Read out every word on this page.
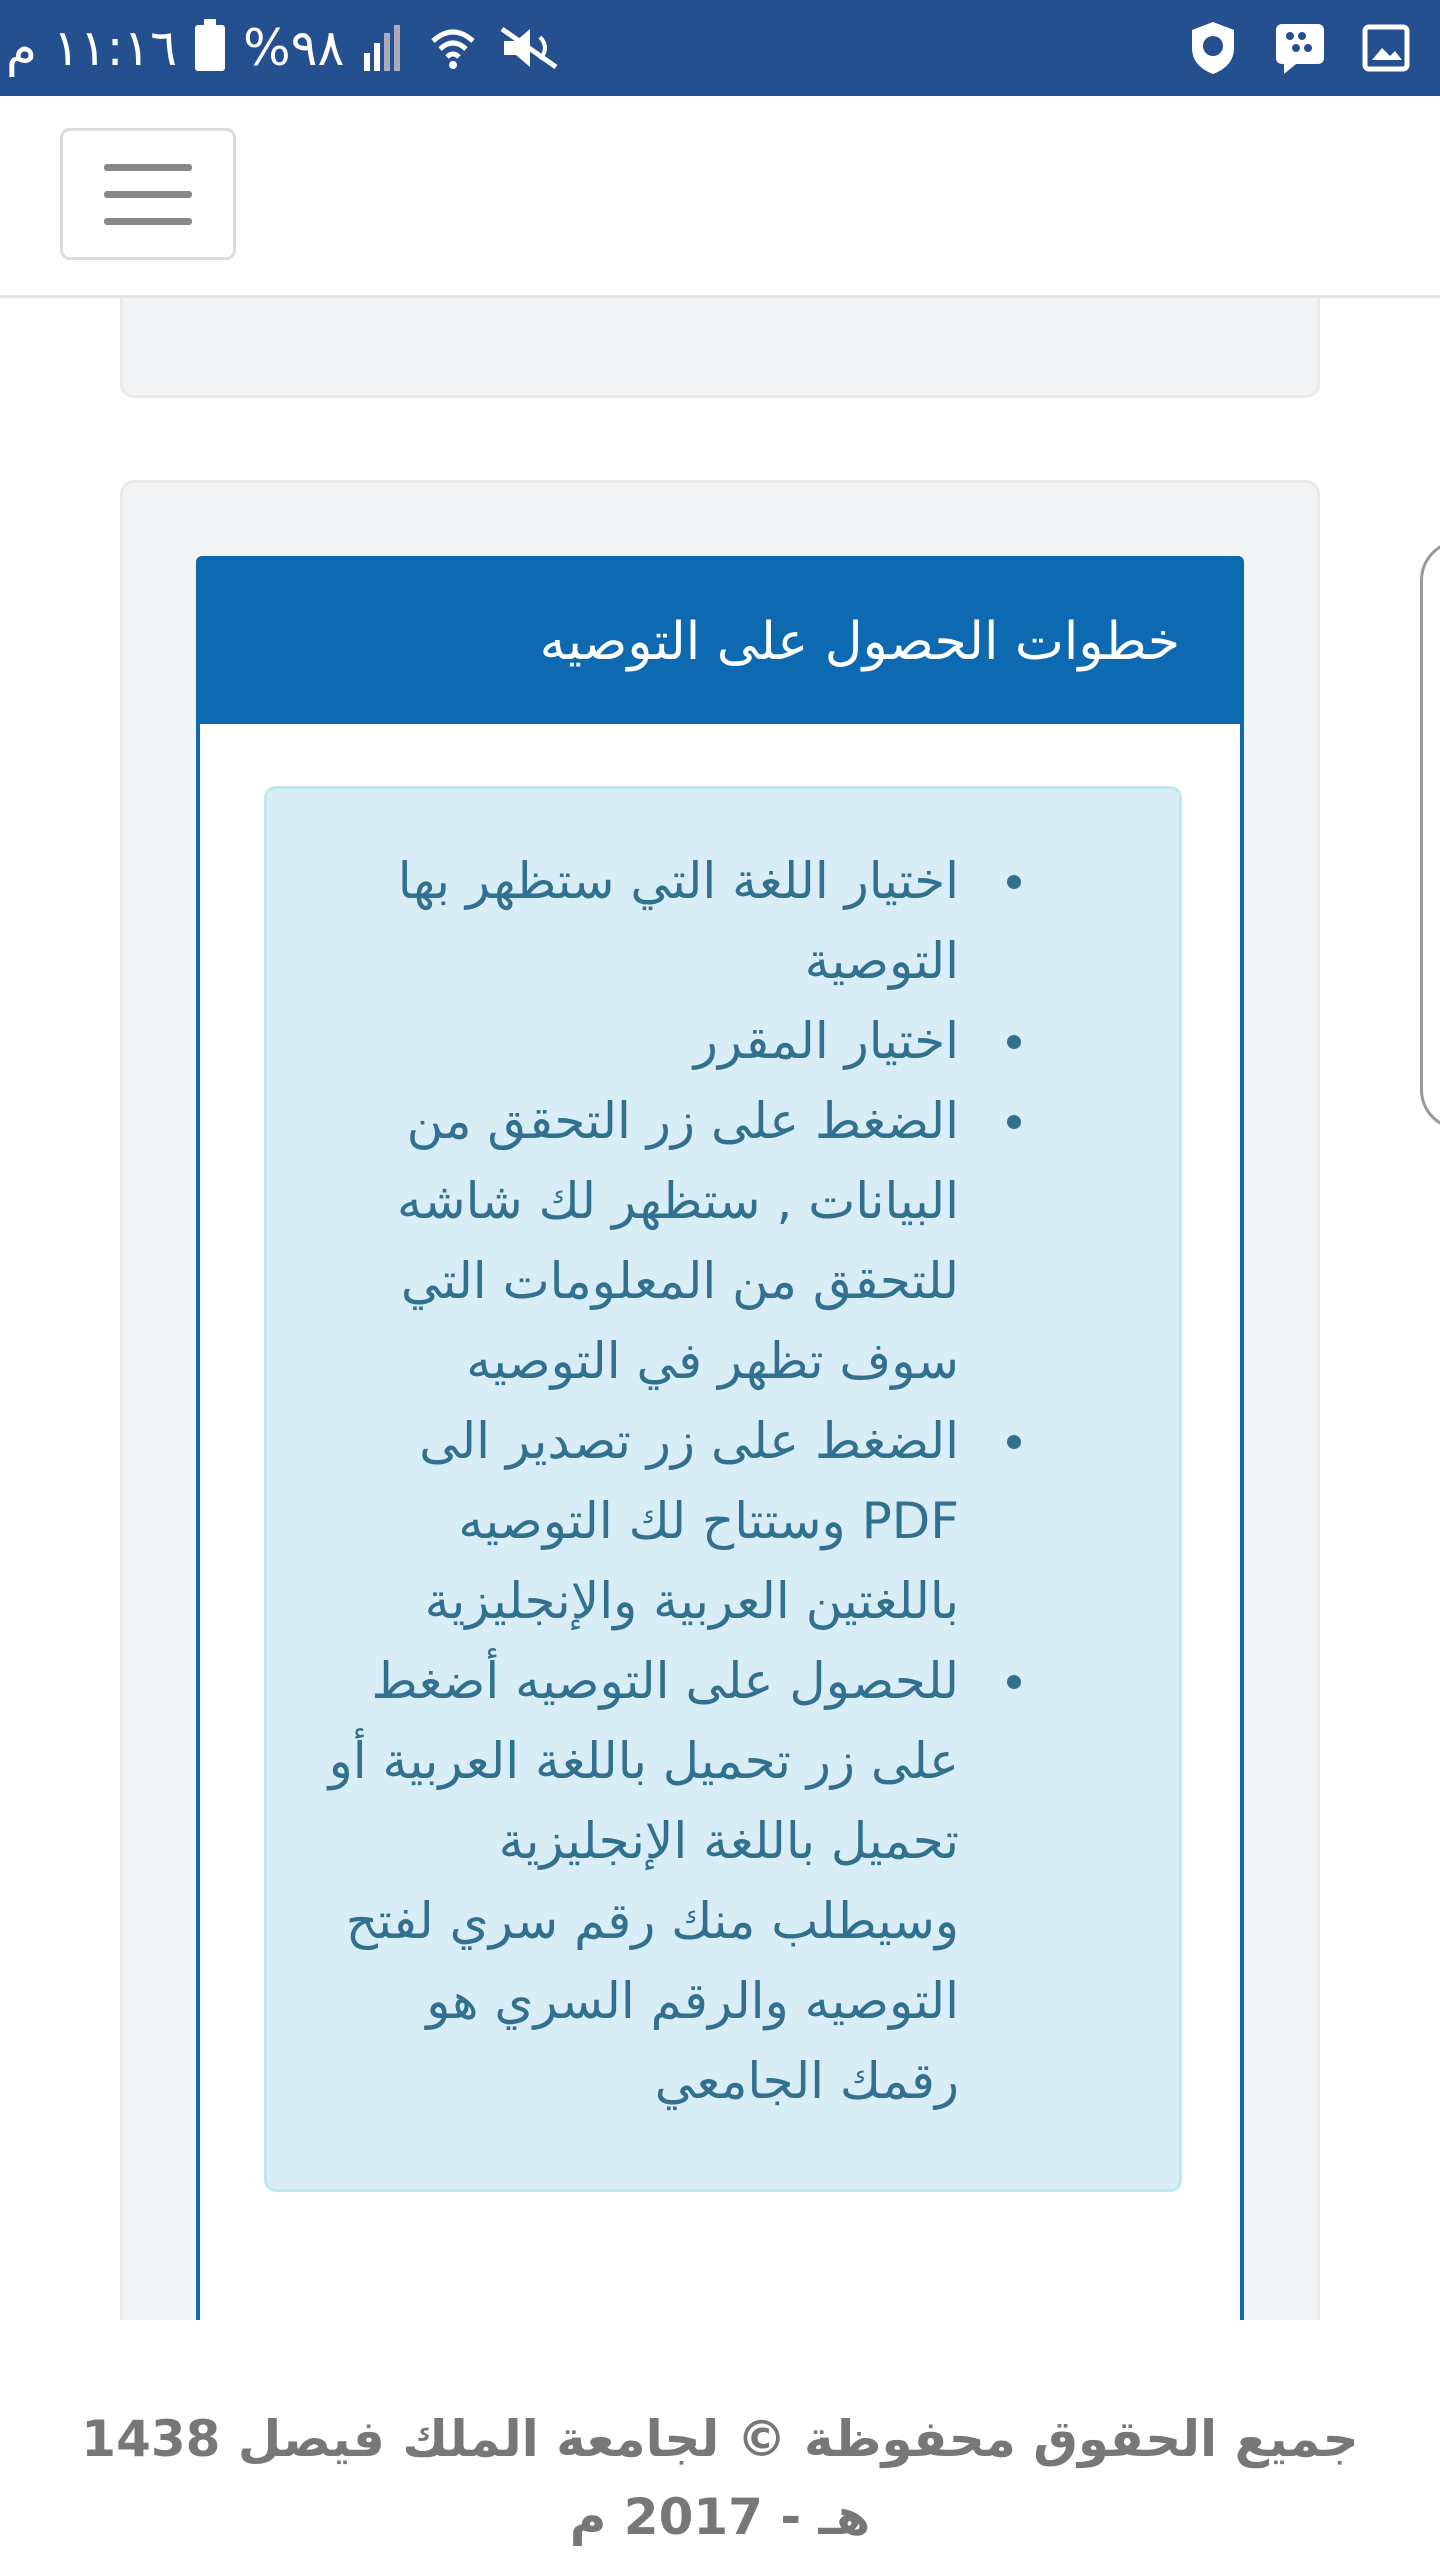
١١:١٦ م %٩٨
خطوات الحصول على التوصيه
اختيار اللغة التي ستظهر بها التوصية
اختيار المقرر
الضغط على زر التحقق من البيانات , ستظهر لك شاشه للتحقق من المعلومات التي سوف تظهر في التوصيه
الضغط على زر تصدير الى PDF وستتاح لك التوصيه باللغتين العربية والإنجليزية
للحصول على التوصيه أضغط على زر تحميل باللغة العربية أو تحميل باللغة الإنجليزية وسيطلب منك رقم سري لفتح التوصيه والرقم السري هو رقمك الجامعي
جميع الحقوق محفوظة © لجامعة الملك فيصل 1438 هـ - 2017 م
